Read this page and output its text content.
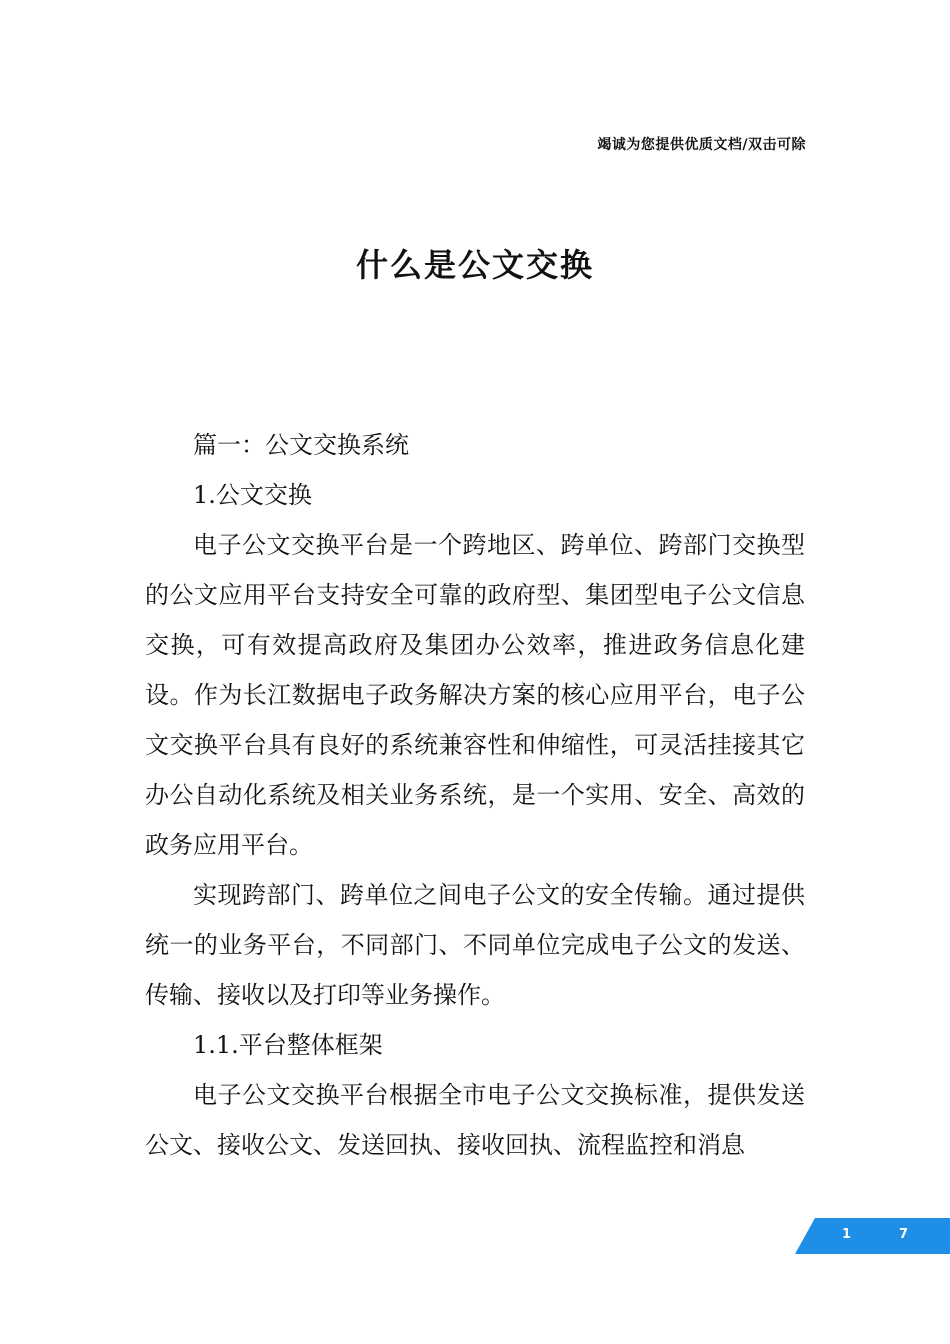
竭诚为您提供优质文档/双击可除
什么是公文交换

篇一：公文交换系统

1.公文交换

电子公文交换平台是一个跨地区、跨单位、跨部门交换型的公文应用平台支持安全可靠的政府型、集团型电子公文信息交换，可有效提高政府及集团办公效率，推进政务信息化建设。作为长江数据电子政务解决方案的核心应用平台，电子公文交换平台具有良好的系统兼容性和伸缩性，可灵活挂接其它办公自动化系统及相关业务系统，是一个实用、安全、高效的政务应用平台。

实现跨部门、跨单位之间电子公文的安全传输。通过提供统一的业务平台，不同部门、不同单位完成电子公文的发送、传输、接收以及打印等业务操作。

1.1.平台整体框架

电子公文交换平台根据全市电子公文交换标准，提供发送公文、接收公文、发送回执、接收回执、流程监控和消息

1	7
